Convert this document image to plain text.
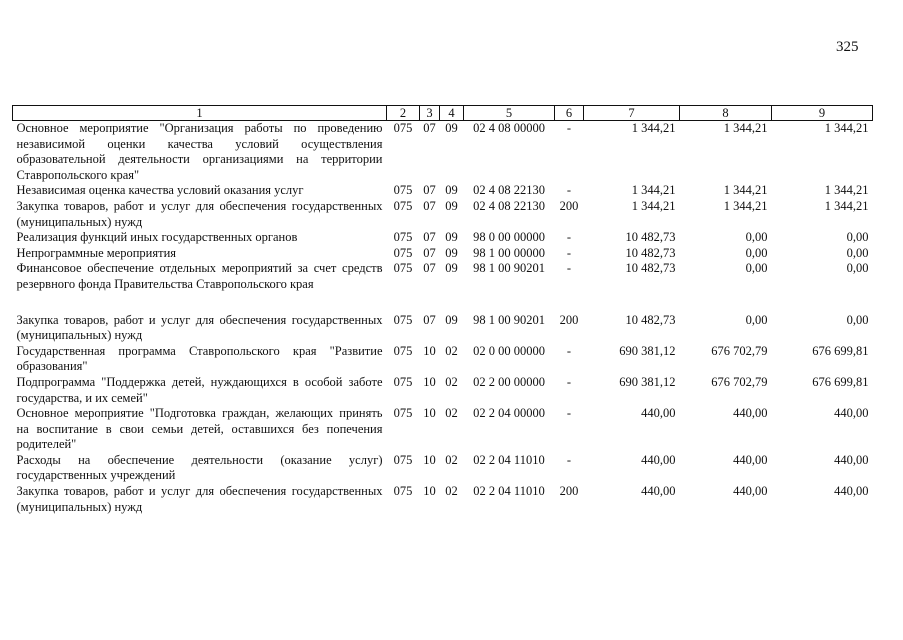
325
1	2	3	4	5	6	7	8	9
Основное мероприятие "Организация работы по проведению независимой оценки качества условий осуществления образовательной деятельности организациями на территории Ставропольского края"	075	07	09	02 4 08 00000	-	1 344,21	1 344,21	1 344,21
Независимая оценка качества условий оказания услуг	075	07	09	02 4 08 22130	-	1 344,21	1 344,21	1 344,21
Закупка товаров, работ и услуг для обеспечения государственных (муниципальных) нужд	075	07	09	02 4 08 22130	200	1 344,21	1 344,21	1 344,21
Реализация функций иных государственных органов	075	07	09	98 0 00 00000	-	10 482,73	0,00	0,00
Непрограммные мероприятия	075	07	09	98 1 00 00000	-	10 482,73	0,00	0,00
Финансовое обеспечение отдельных мероприятий за счет средств резервного фонда Правительства Ставропольского края	075	07	09	98 1 00 90201	-	10 482,73	0,00	0,00

Закупка товаров, работ и услуг для обеспечения государственных (муниципальных) нужд	075	07	09	98 1 00 90201	200	10 482,73	0,00	0,00
Государственная программа Ставропольского края "Развитие образования"	075	10	02	02 0 00 00000	-	690 381,12	676 702,79	676 699,81
Подпрограмма "Поддержка детей, нуждающихся в особой заботе государства, и их семей"	075	10	02	02 2 00 00000	-	690 381,12	676 702,79	676 699,81
Основное мероприятие "Подготовка граждан, желающих принять на воспитание в свои семьи детей, оставшихся без попечения родителей"	075	10	02	02 2 04 00000	-	440,00	440,00	440,00
Расходы на обеспечение деятельности (оказание услуг) государственных учреждений	075	10	02	02 2 04 11010	-	440,00	440,00	440,00
Закупка товаров, работ и услуг для обеспечения государственных (муниципальных) нужд	075	10	02	02 2 04 11010	200	440,00	440,00	440,00
